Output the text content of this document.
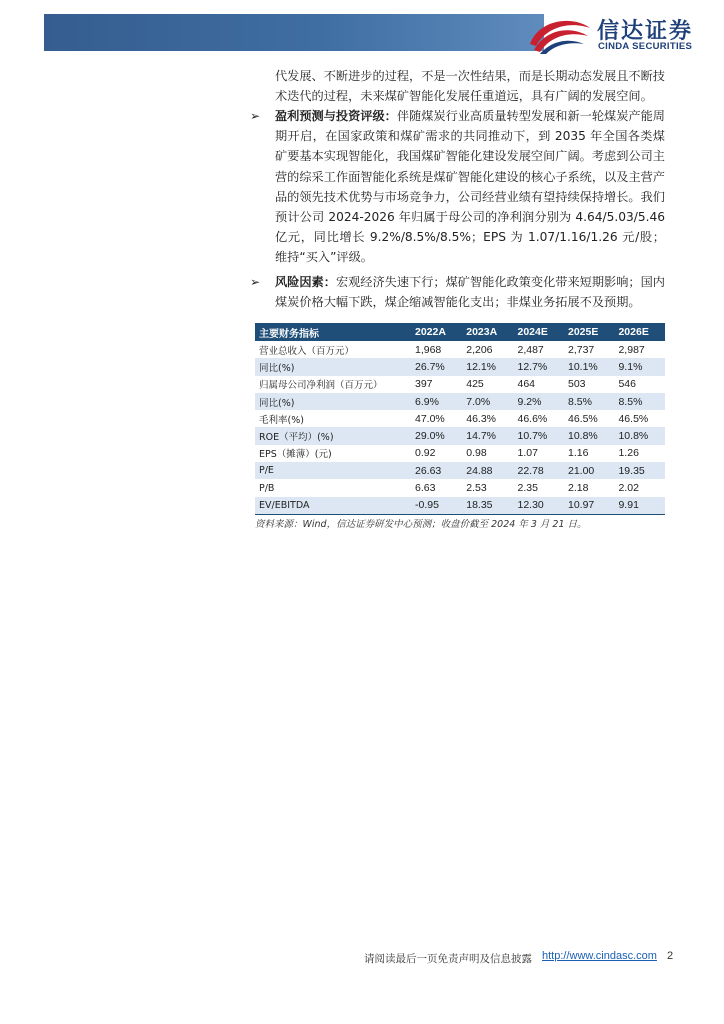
信达证券
CINDA SECURITIES
代发展、不断进步的过程，不是一次性结果，而是长期动态发展且不断技术迭代的过程，未来煤矿智能化发展任重道远，具有广阔的发展空间。
➢ 盈利预测与投资评级：伴随煤炭行业高质量转型发展和新一轮煤炭产能周期开启，在国家政策和煤矿需求的共同推动下，到 2035 年全国各类煤矿要基本实现智能化，我国煤矿智能化建设发展空间广阔。考虑到公司主营的综采工作面智能化系统是煤矿智能化建设的核心子系统，以及主营产品的领先技术优势与市场竞争力，公司经营业绩有望持续保持增长。我们预计公司 2024-2026 年归属于母公司的净利润分别为 4.64/5.03/5.46 亿元，同比增长 9.2%/8.5%/8.5%；EPS 为 1.07/1.16/1.26 元/股；维持“买入”评级。
➢ 风险因素：宏观经济失速下行；煤矿智能化政策变化带来短期影响；国内煤炭价格大幅下跌，煤企缩减智能化支出；非煤业务拓展不及预期。
主要财务指标	2022A	2023A	2024E	2025E	2026E
营业总收入（百万元）	1,968	2,206	2,487	2,737	2,987
同比(%)	26.7%	12.1%	12.7%	10.1%	9.1%
归属母公司净利润（百万元）	397	425	464	503	546
同比(%)	6.9%	7.0%	9.2%	8.5%	8.5%
毛利率(%)	47.0%	46.3%	46.6%	46.5%	46.5%
ROE（平均）(%)	29.0%	14.7%	10.7%	10.8%	10.8%
EPS（摊薄）(元)	0.92	0.98	1.07	1.16	1.26
P/E	26.63	24.88	22.78	21.00	19.35
P/B	6.63	2.53	2.35	2.18	2.02
EV/EBITDA	-0.95	18.35	12.30	10.97	9.91
资料来源：Wind，信达证券研发中心预测；收盘价截至 2024 年 3 月 21 日。
请阅读最后一页免责声明及信息披露 http://www.cindasc.com 2
